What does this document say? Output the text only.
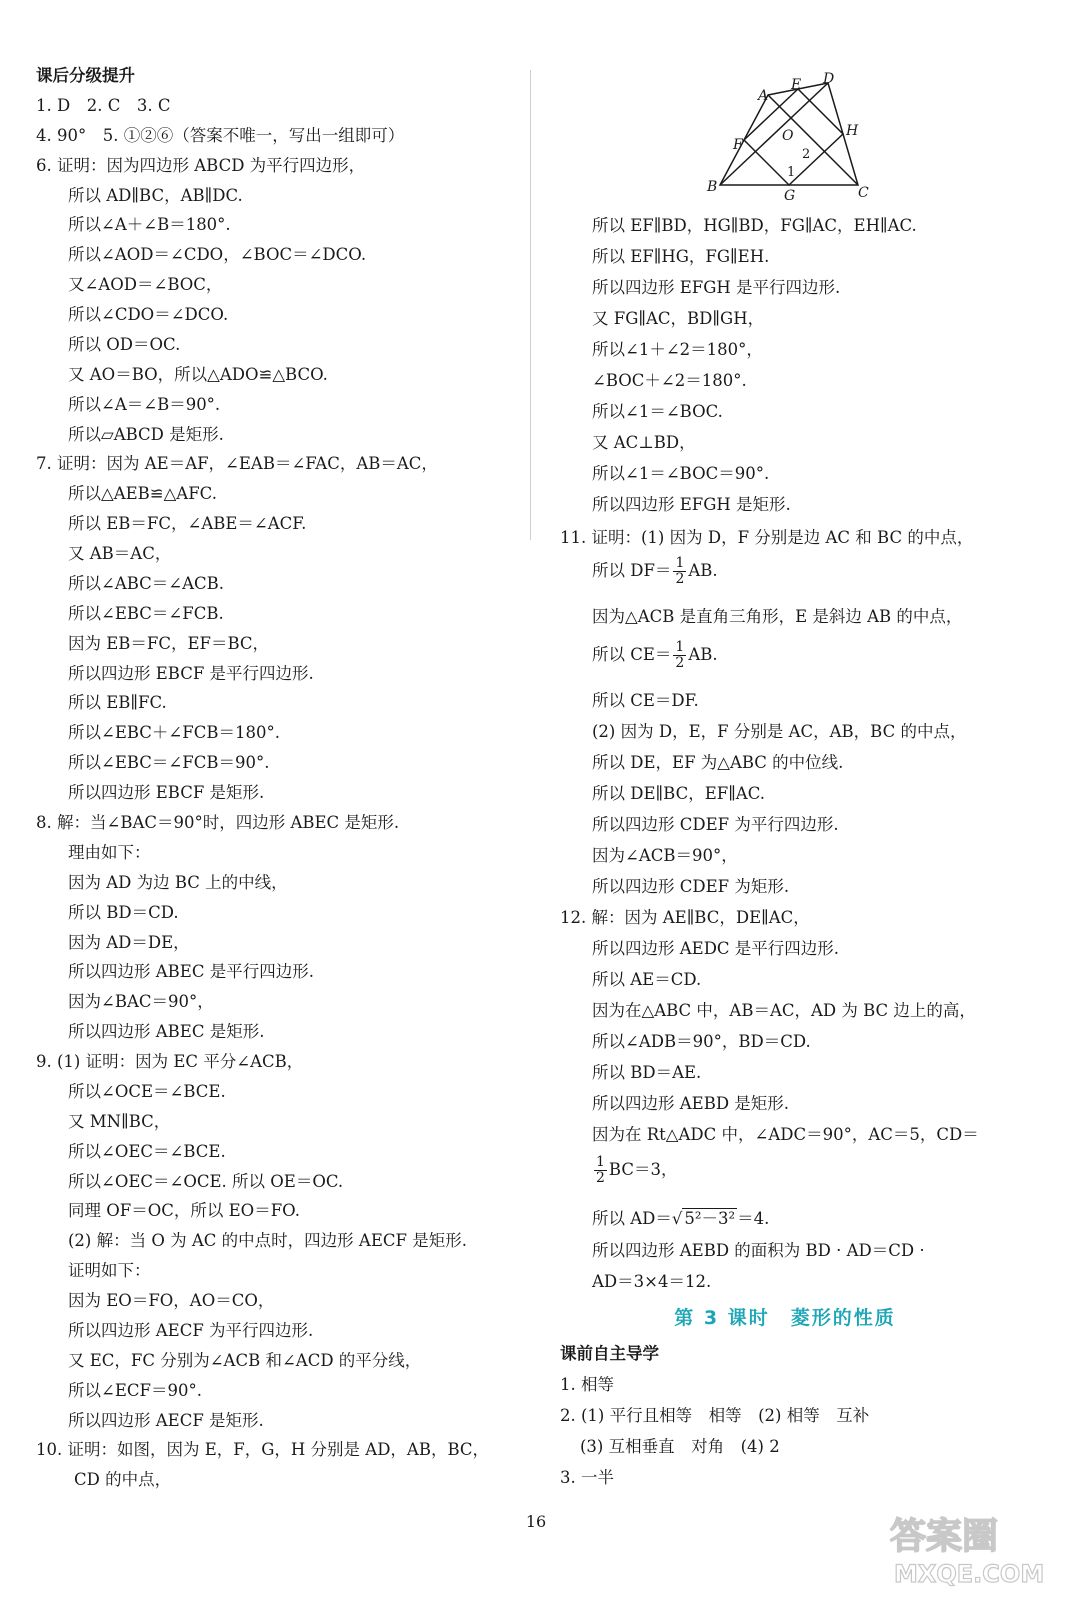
课后分级提升
1. D　2. C　3. C
4. 90°　5. ①②⑥（答案不唯一，写出一组即可）
6. 证明：因为四边形 ABCD 为平行四边形，
所以 AD∥BC，AB∥DC.
所以∠A＋∠B＝180°.
所以∠AOD＝∠CDO，∠BOC＝∠DCO.
又∠AOD＝∠BOC，
所以∠CDO＝∠DCO.
所以 OD＝OC.
又 AO＝BO，所以△ADO≌△BCO.
所以∠A＝∠B＝90°.
所以▱ABCD 是矩形.
7. 证明：因为 AE＝AF，∠EAB＝∠FAC，AB＝AC，
所以△AEB≌△AFC.
所以 EB＝FC，∠ABE＝∠ACF.
又 AB＝AC，
所以∠ABC＝∠ACB.
所以∠EBC＝∠FCB.
因为 EB＝FC，EF＝BC，
所以四边形 EBCF 是平行四边形.
所以 EB∥FC.
所以∠EBC＋∠FCB＝180°.
所以∠EBC＝∠FCB＝90°.
所以四边形 EBCF 是矩形.
8. 解：当∠BAC＝90°时，四边形 ABEC 是矩形.
理由如下：
因为 AD 为边 BC 上的中线，
所以 BD＝CD.
因为 AD＝DE，
所以四边形 ABEC 是平行四边形.
因为∠BAC＝90°，
所以四边形 ABEC 是矩形.
9. (1) 证明：因为 EC 平分∠ACB，
所以∠OCE＝∠BCE.
又 MN∥BC，
所以∠OEC＝∠BCE.
所以∠OEC＝∠OCE. 所以 OE＝OC.
同理 OF＝OC，所以 EO＝FO.
(2) 解：当 O 为 AC 的中点时，四边形 AECF 是矩形.
证明如下：
因为 EO＝FO，AO＝CO，
所以四边形 AECF 为平行四边形.
又 EC，FC 分别为∠ACB 和∠ACD 的平分线，
所以∠ECF＝90°.
所以四边形 AECF 是矩形.
10. 证明：如图，因为 E，F，G，H 分别是 AD，AB，BC，
CD 的中点，
所以 EF∥BD，HG∥BD，FG∥AC，EH∥AC.
所以 EF∥HG，FG∥EH.
所以四边形 EFGH 是平行四边形.
又 FG∥AC，BD∥GH，
所以∠1＋∠2＝180°，
∠BOC＋∠2＝180°.
所以∠1＝∠BOC.
又 AC⊥BD，
所以∠1＝∠BOC＝90°.
所以四边形 EFGH 是矩形.
11. 证明：(1) 因为 D，F 分别是边 AC 和 BC 的中点，
因为△ACB 是直角三角形，E 是斜边 AB 的中点，
所以 CE＝DF.
(2) 因为 D，E，F 分别是 AC，AB，BC 的中点，
所以 DE，EF 为△ABC 的中位线.
所以 DE∥BC，EF∥AC.
所以四边形 CDEF 为平行四边形.
因为∠ACB＝90°，
所以四边形 CDEF 为矩形.
12. 解：因为 AE∥BC，DE∥AC，
所以四边形 AEDC 是平行四边形.
所以 AE＝CD.
因为在△ABC 中，AB＝AC，AD 为 BC 边上的高，
所以∠ADB＝90°，BD＝CD.
所以 BD＝AE.
所以四边形 AEBD 是矩形.
因为在 Rt△ADC 中，∠ADC＝90°，AC＝5，CD＝
所以四边形 AEBD 的面积为 BD · AD＝CD ·
AD＝3×4＝12.
课前自主导学
1. 相等
2. (1) 平行且相等　相等　(2) 相等　互补
(3) 互相垂直　对角　(4) 2
3. 一半
A
E D
F
H
O
B
G	C
1
2
所以 $DF= \frac{1}{2}$ AB.
所以 $CE= \frac{1}{2}$ AB.
$\frac{1}{2} BC=3$，
所以 AD＝√ 5²－3² ＝4.
第 3 课时　菱形的性质
16	答案圈
MXQE.COM
